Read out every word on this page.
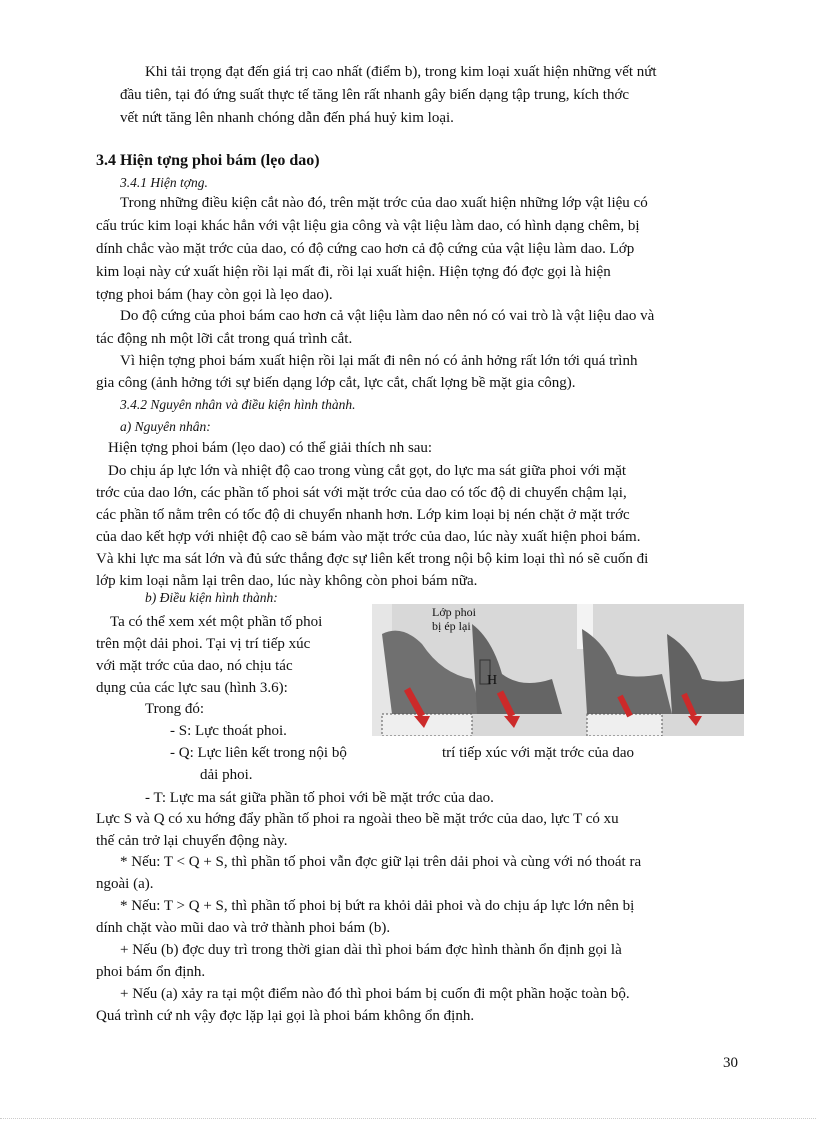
Khi tải trọng đạt đến giá trị cao nhất (điểm b), trong kim loại xuất hiện những vết nứt

đầu tiên, tại đó ứng suất thực tế tăng lên rất nhanh gây biến dạng tập trung, kích thớc

vết nứt tăng lên nhanh chóng dẫn đến phá huỷ kim loại.

3.4 Hiện tợng phoi bám (lẹo dao)

3.4.1 Hiện tợng.

Trong những điều kiện cắt nào đó, trên mặt trớc của dao xuất hiện những lớp vật liệu có

cấu trúc kim loại khác hẳn với vật liệu gia công và vật liệu làm dao, có hình dạng chêm, bị

dính chắc vào mặt trớc của dao, có độ cứng cao hơn cả độ cứng của vật liệu làm dao. Lớp

kim loại này cứ xuất hiện rồi lại mất đi, rồi lại xuất hiện. Hiện tợng đó đợc gọi là hiện

tợng phoi bám (hay còn gọi là lẹo dao).

Do độ cứng của phoi bám cao hơn cả vật liệu làm dao nên nó có vai trò là vật liệu dao và

tác động nh một lỡi cắt trong quá trình cắt.

Vì hiện tợng phoi bám xuất hiện rồi lại mất đi nên nó có ảnh hởng rất lớn tới quá trình

gia công (ảnh hởng tới sự biến dạng lớp cắt, lực cắt, chất lợng bề mặt gia công).

3.4.2 Nguyên nhân và điều kiện hình thành.

a) Nguyên nhân:

Hiện tợng phoi bám (lẹo dao) có thể giải thích nh sau:

Do chịu áp lực lớn và nhiệt độ cao trong vùng cắt gọt, do lực ma sát giữa phoi với mặt

trớc của dao lớn, các phần tố phoi sát với mặt trớc của dao có tốc độ di chuyển chậm lại,

các phần tố nằm trên có tốc độ di chuyển nhanh hơn. Lớp kim loại bị nén chặt ở mặt trớc

của dao kết hợp với nhiệt độ cao sẽ bám vào mặt trớc của dao, lúc này xuất hiện phoi bám.

Và khi lực ma sát lớn và đủ sức thắng đợc sự liên kết trong nội bộ kim loại thì nó sẽ cuốn đi

lớp kim loại nằm lại trên dao, lúc này không còn phoi bám nữa.

b) Điều kiện hình thành:

Ta có thể xem xét một phần tố phoi

trên một dải phoi. Tại vị trí tiếp xúc

với mặt trớc của dao, nó chịu tác

dụng của các lực sau (hình 3.6):

Trong đó:

- S: Lực thoát phoi.

- Q: Lực liên kết trong nội bộ	trí tiếp xúc với mặt trớc của dao

dải phoi.

- T: Lực ma sát giữa phần tố phoi với bề mặt trớc của dao.

H
Lớp phoi
bị ép lại

Lực S và Q có xu hớng đẩy phần tố phoi ra ngoài theo bề mặt trớc của dao, lực T có xu

thế cản trở lại chuyển động này.

* Nếu: T < Q + S, thì phần tố phoi vẫn đợc giữ lại trên dải phoi và cùng với nó thoát ra

ngoài (a).

* Nếu: T > Q + S, thì phần tố phoi bị bứt ra khỏi dải phoi và do chịu áp lực lớn nên bị

dính chặt vào mũi dao và trở thành phoi bám (b).

+ Nếu (b) đợc duy trì trong thời gian dài thì phoi bám đợc hình thành ổn định gọi là

phoi bám ổn định.

+ Nếu (a) xảy ra tại một điểm nào đó thì phoi bám bị cuốn đi một phần hoặc toàn bộ.

Quá trình cứ nh vậy đợc lặp lại gọi là phoi bám không ổn định.

30
